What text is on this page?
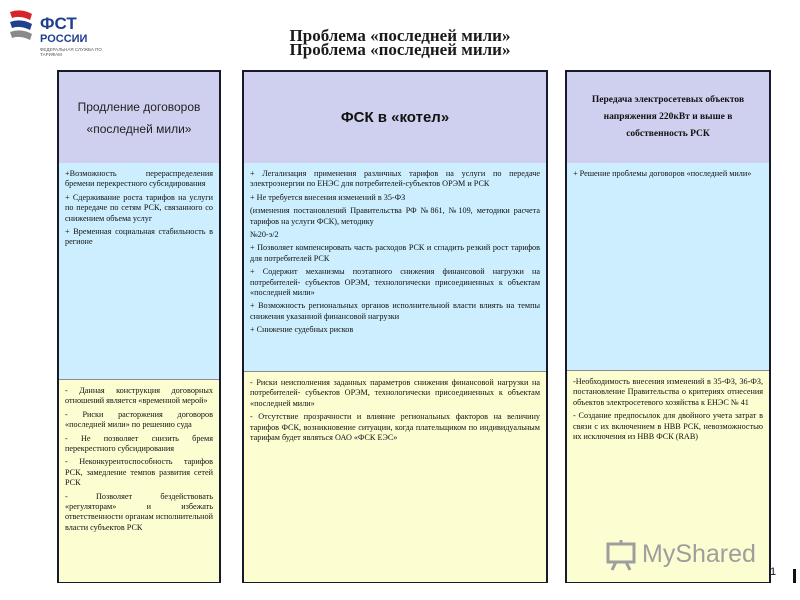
ФСТ
РОССИИ
ФЕДЕРАЛЬНАЯ СЛУЖБА ПО ТАРИФАМ
Проблема «последней мили»
Проблема «последней мили»
Продление договоров «последней мили»

+Возможность перераспределения бремени перекрестного субсидирования

+ Сдерживание роста тарифов на услуги по передаче по сетям РСК, связанного со снижением объема услуг

+ Временная социальная стабильность в регионе

- Данная конструкция договорных отношений является «временной мерой»

- Риски расторжения договоров «последней мили» по решению суда

- Не позволяет снизить бремя перекрестного субсидирования

- Неконкурентоспособность тарифов РСК, замедление темпов развития сетей РСК

- Позволяет бездействовать «регуляторам» и избежать ответственности органам исполнительной власти субъектов РСК

ФСК в «котел»

+ Легализация применения различных тарифов на услуги по передаче электроэнергии по ЕНЭС для потребителей-субъектов ОРЭМ и РСК

+ Не требуется внесения изменений в 35-ФЗ

(изменения постановлений Правительства РФ №861, №109, методики расчета тарифов на услуги ФСК), методику

№20-э/2

+ Позволяет компенсировать часть расходов РСК и сгладить резкий рост тарифов для потребителей РСК

+ Содержит механизмы поэтапного снижения финансовой нагрузки на потребителей- субъектов ОРЭМ, технологически присоединенных к объектам «последней мили»

+ Возможность региональных органов исполнительной власти влиять на темпы снижения указанной финансовой нагрузки

+ Снижение судебных рисков

- Риски неисполнения заданных параметров снижения финансовой нагрузки на потребителей- субъектов ОРЭМ, технологически присоединенных к объектам «последней мили»

- Отсутствие прозрачности и влияние региональных факторов на величину тарифов ФСК, возникновение ситуации, когда плательщиком по индивидуальным тарифам будет являться ОАО «ФСК ЕЭС»

Передача электросетевых объектов напряжения 220кВт и выше в собственность РСК

+ Решение проблемы договоров «последней мили»

-Необходимость внесения изменений в 35-ФЗ, 36-ФЗ, постановление Правительства о критериях отнесения объектов электросетевого хозяйства к ЕНЭС № 41

- Создание предпосылок для двойного учета затрат в связи с их включением в НВВ РСК, невозможностью их исключения из НВВ ФСК (RAB)

MyShared
1
